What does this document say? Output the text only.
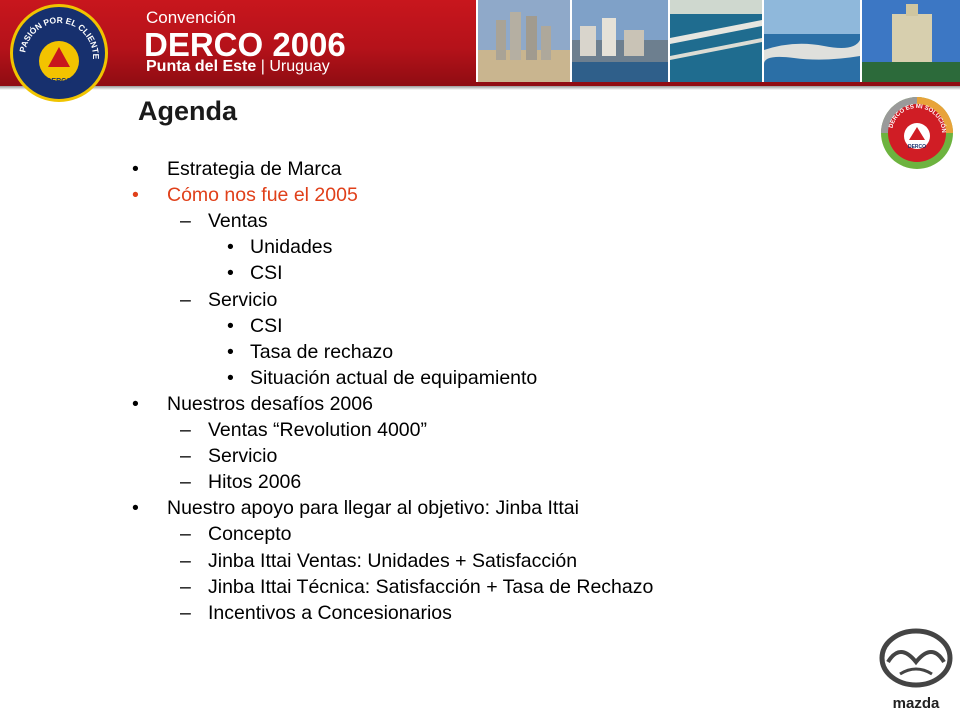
PASIÓN POR EL CLIENTE
DERCO
Convención
DERCO 2006
Punta del Este | Uruguay
Agenda
• Estrategia de Marca
• Cómo nos fue el 2005
– Ventas
• Unidades
• CSI
– Servicio
• CSI
• Tasa de rechazo
• Situación actual de equipamiento
• Nuestros desafíos 2006
– Ventas “Revolution 4000”
– Servicio
– Hitos 2006
• Nuestro apoyo para llegar al objetivo: Jinba Ittai
– Concepto
– Jinba Ittai Ventas: Unidades + Satisfacción
– Jinba Ittai Técnica: Satisfacción + Tasa de Rechazo
– Incentivos a Concesionarios
DERCO ES MI SOLUCIÓN
DERCO
mazda
